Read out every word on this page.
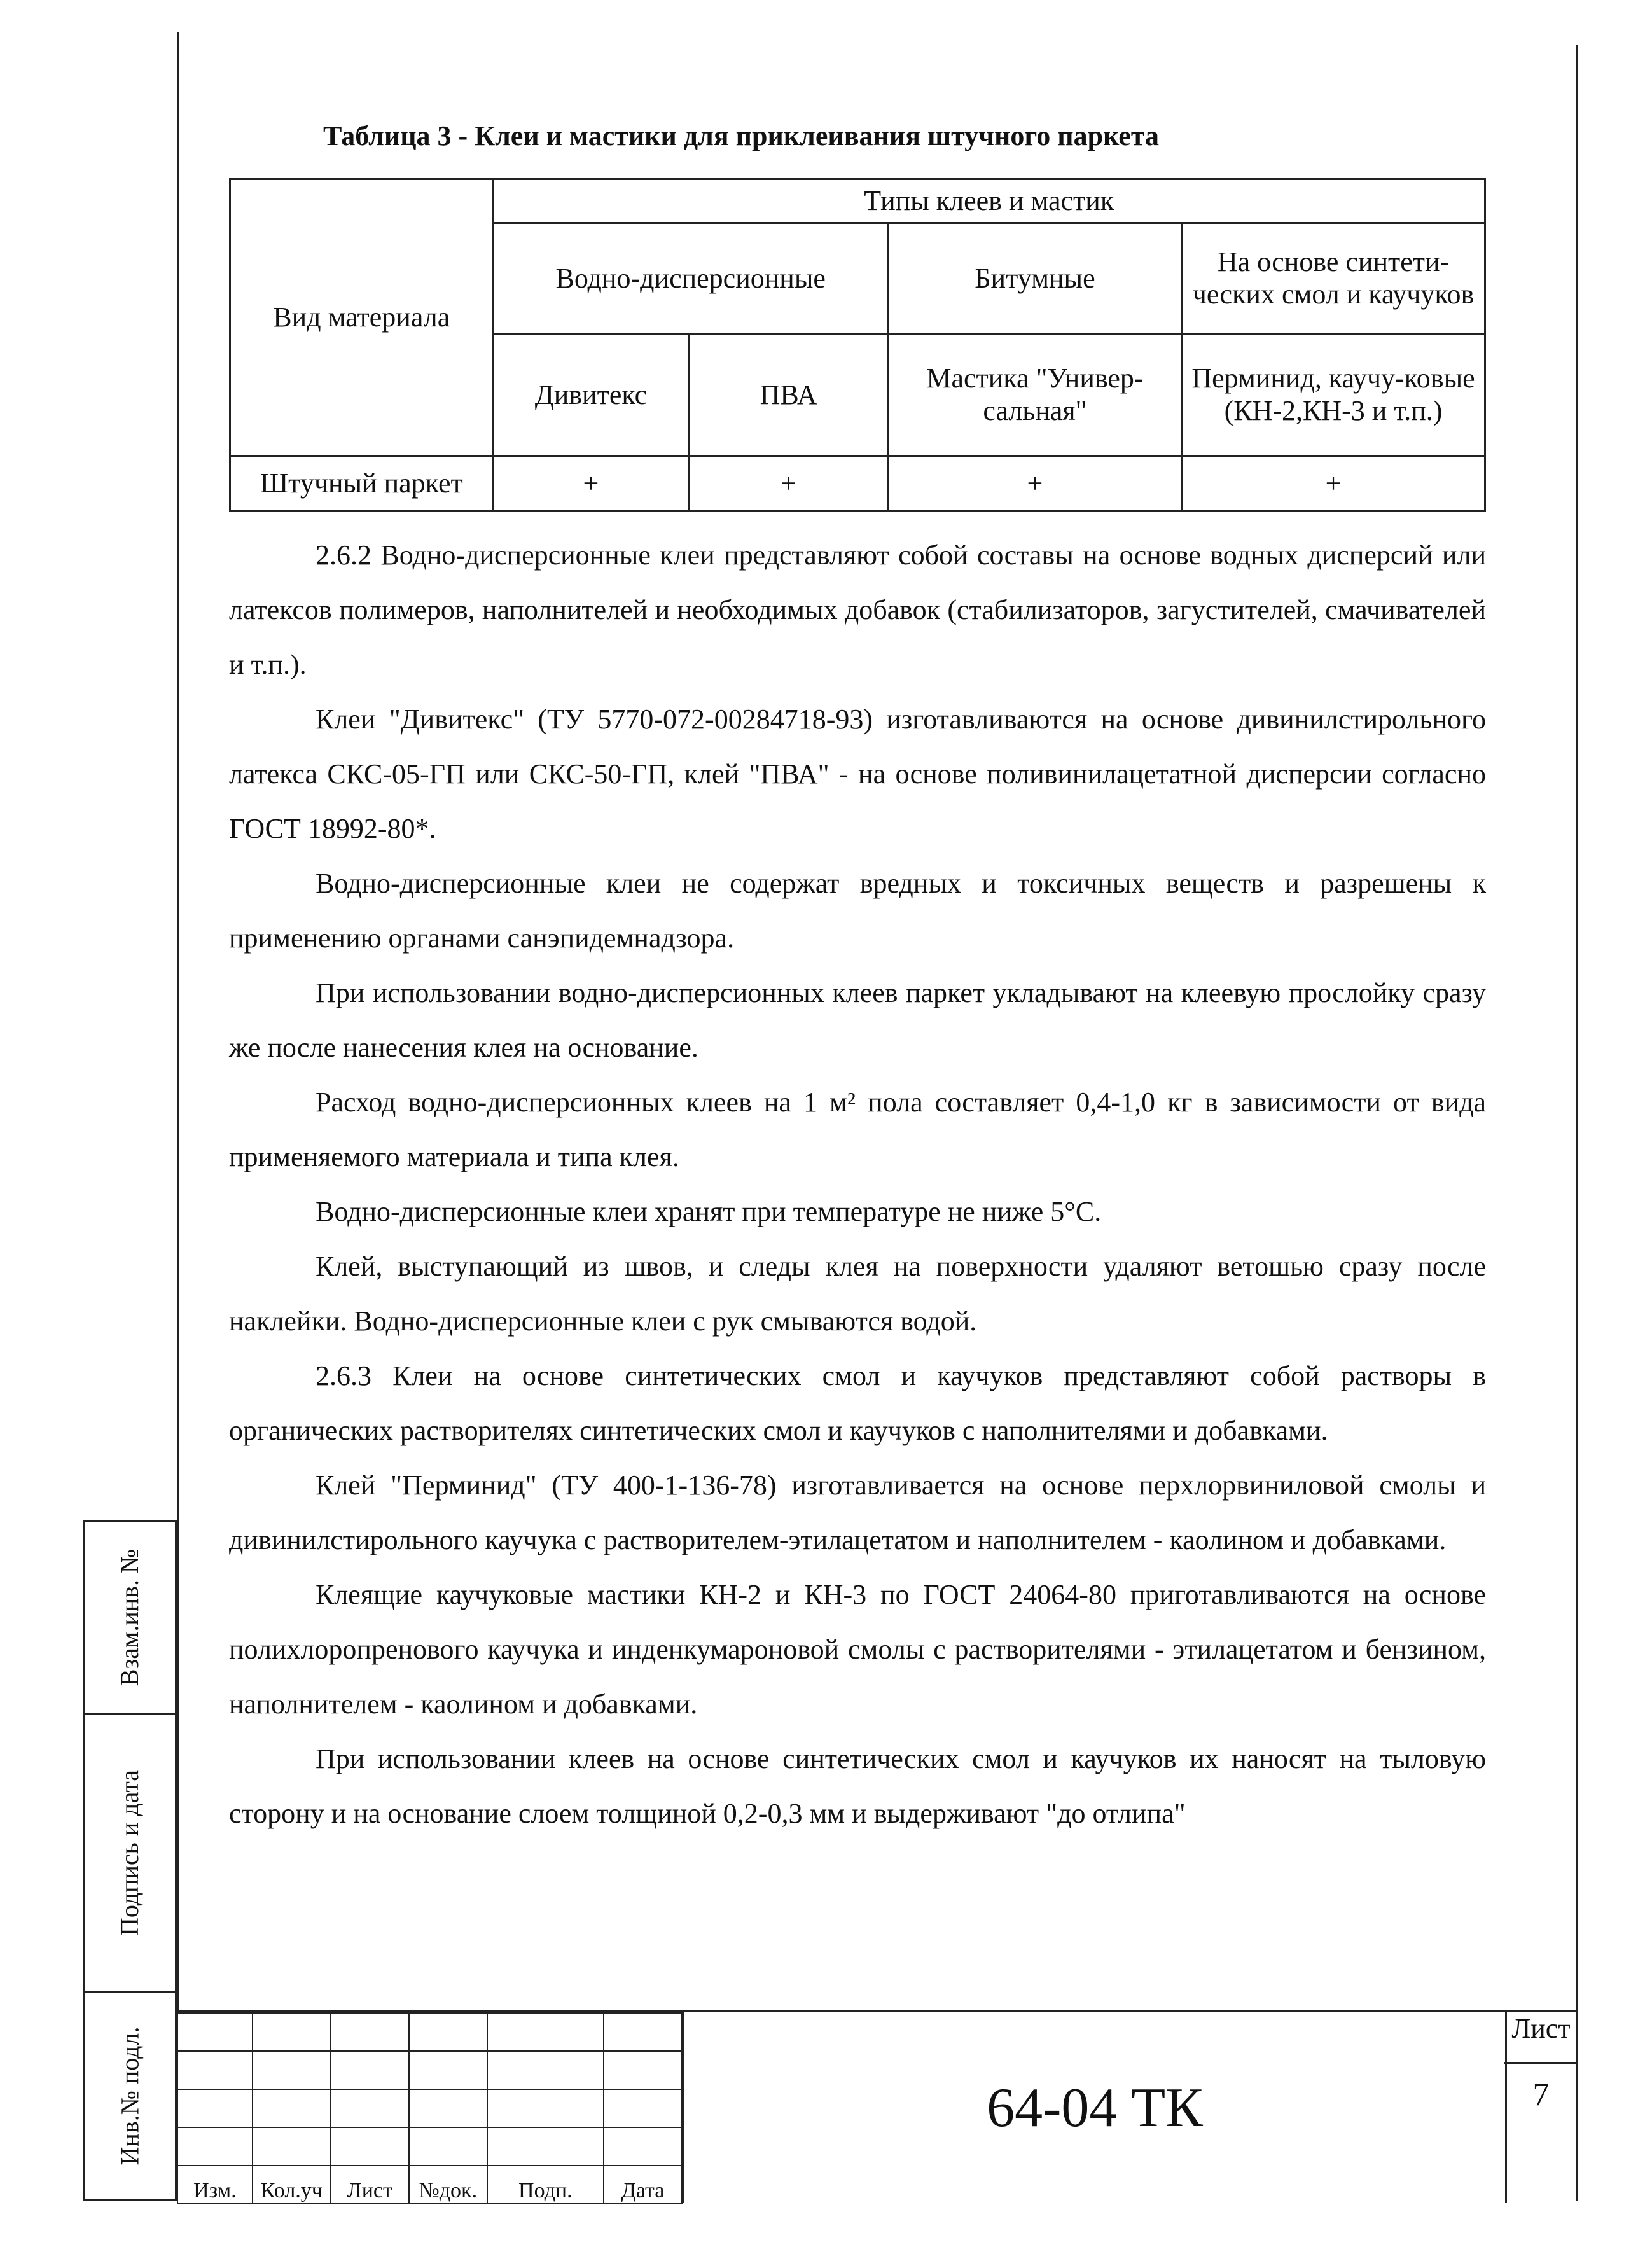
Взам.инв. №
Подпись и дата
Инв.№ подл.
Таблица 3 - Клеи и мастики для приклеивания штучного паркета
Вид материала	Типы клеев и мастик			
	Водно-дисперсионные		Битумные	На основе синтети-ческих смол и каучуков
	Дивитекс	ПВА	Мастика "Универ-сальная"	Перминид, каучу-ковые (КН-2,КН-3 и т.п.)
Штучный паркет	+	+	+	+

2.6.2 Водно-дисперсионные клеи представляют собой составы на основе водных дисперсий или латексов полимеров, наполнителей и необходимых добавок (стабилизаторов, загустителей, смачивателей и т.п.).

Клеи "Дивитекс" (ТУ 5770-072-00284718-93) изготавливаются на основе дивинилстирольного латекса СКС-05-ГП или СКС-50-ГП, клей "ПВА" - на основе поливинилацетатной дисперсии согласно ГОСТ 18992-80*.

Водно-дисперсионные клеи не содержат вредных и токсичных веществ и разрешены к применению органами санэпидемнадзора.

При использовании водно-дисперсионных клеев паркет укладывают на клеевую прослойку сразу же после нанесения клея на основание.

Расход водно-дисперсионных клеев на 1 м² пола составляет 0,4-1,0 кг в зависимости от вида применяемого материала и типа клея.

Водно-дисперсионные клеи хранят при температуре не ниже 5°С.

Клей, выступающий из швов, и следы клея на поверхности удаляют ветошью сразу после наклейки. Водно-дисперсионные клеи с рук смываются водой.

2.6.3 Клеи на основе синтетических смол и каучуков представляют собой растворы в органических растворителях синтетических смол и каучуков с наполнителями и добавками.

Клей "Перминид" (ТУ 400-1-136-78) изготавливается на основе перхлорвиниловой смолы и дивинилстирольного каучука с растворителем-этилацетатом и наполнителем - каолином и добавками.

Клеящие каучуковые мастики КН-2 и КН-3 по ГОСТ 24064-80 приготавливаются на основе полихлоропренового каучука и инденкумароновой смолы с растворителями - этилацетатом и бензином, наполнителем - каолином и добавками.

При использовании клеев на основе синтетических смол и каучуков их наносят на тыловую сторону и на основание слоем толщиной 0,2-0,3 мм и выдерживают "до отлипа"

Изм.	Кол.уч	Лист	№док.	Подп.	Дата
64-04 ТК
Лист
7
